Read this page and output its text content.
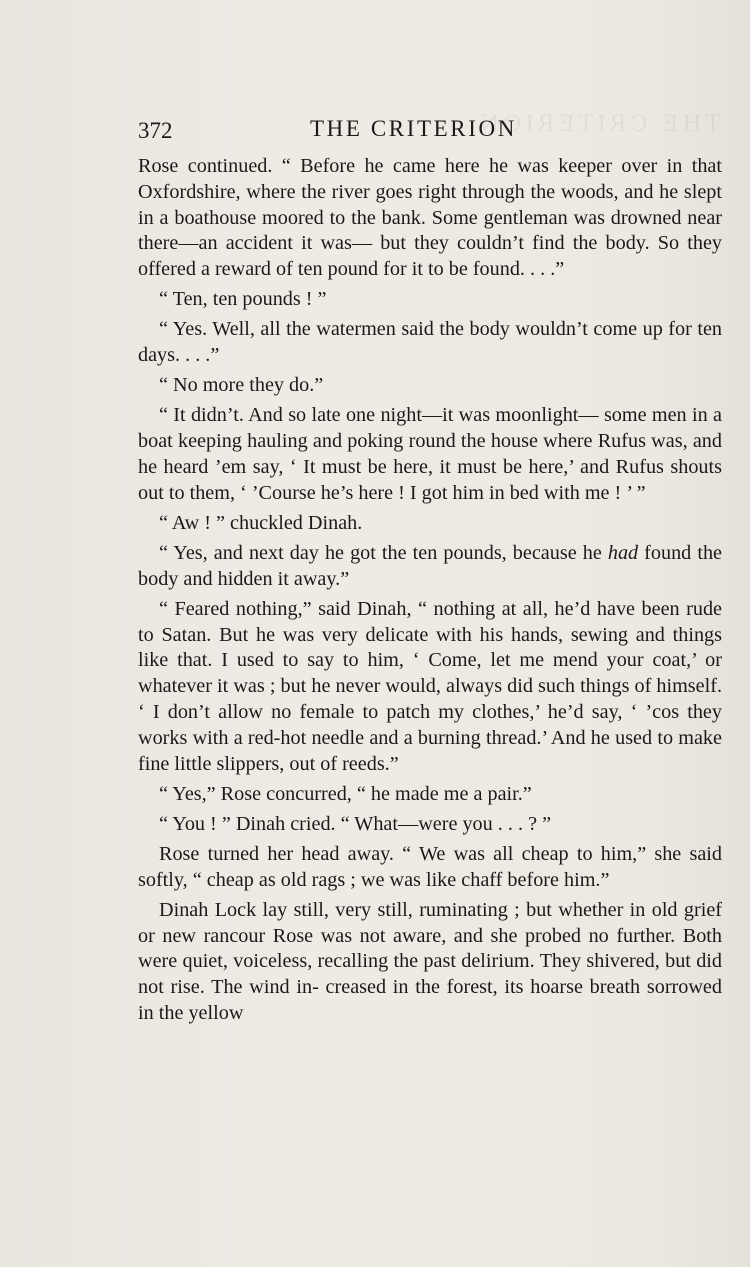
THE CRITERION
372	THE CRITERION

Rose continued. “ Before he came here he was keeper over in that Oxfordshire, where the river goes right through the woods, and he slept in a boathouse moored to the bank. Some gentleman was drowned near there—an accident it was— but they couldn’t find the body. So they offered a reward of ten pound for it to be found. . . .”

“ Ten, ten pounds ! ”

“ Yes. Well, all the watermen said the body wouldn’t come up for ten days. . . .”

“ No more they do.”

“ It didn’t. And so late one night—it was moonlight— some men in a boat keeping hauling and poking round the house where Rufus was, and he heard ’em say, ‘ It must be here, it must be here,’ and Rufus shouts out to them, ‘ ’Course he’s here ! I got him in bed with me ! ’ ”

“ Aw ! ” chuckled Dinah.

“ Yes, and next day he got the ten pounds, because he had found the body and hidden it away.”

“ Feared nothing,” said Dinah, “ nothing at all, he’d have been rude to Satan. But he was very delicate with his hands, sewing and things like that. I used to say to him, ‘ Come, let me mend your coat,’ or whatever it was ; but he never would, always did such things of himself. ‘ I don’t allow no female to patch my clothes,’ he’d say, ‘ ’cos they works with a red-hot needle and a burning thread.’ And he used to make fine little slippers, out of reeds.”

“ Yes,” Rose concurred, “ he made me a pair.”

“ You ! ” Dinah cried. “ What—were you . . . ? ”

Rose turned her head away. “ We was all cheap to him,” she said softly, “ cheap as old rags ; we was like chaff before him.”

Dinah Lock lay still, very still, ruminating ; but whether in old grief or new rancour Rose was not aware, and she probed no further. Both were quiet, voiceless, recalling the past delirium. They shivered, but did not rise. The wind in- creased in the forest, its hoarse breath sorrowed in the yellow
